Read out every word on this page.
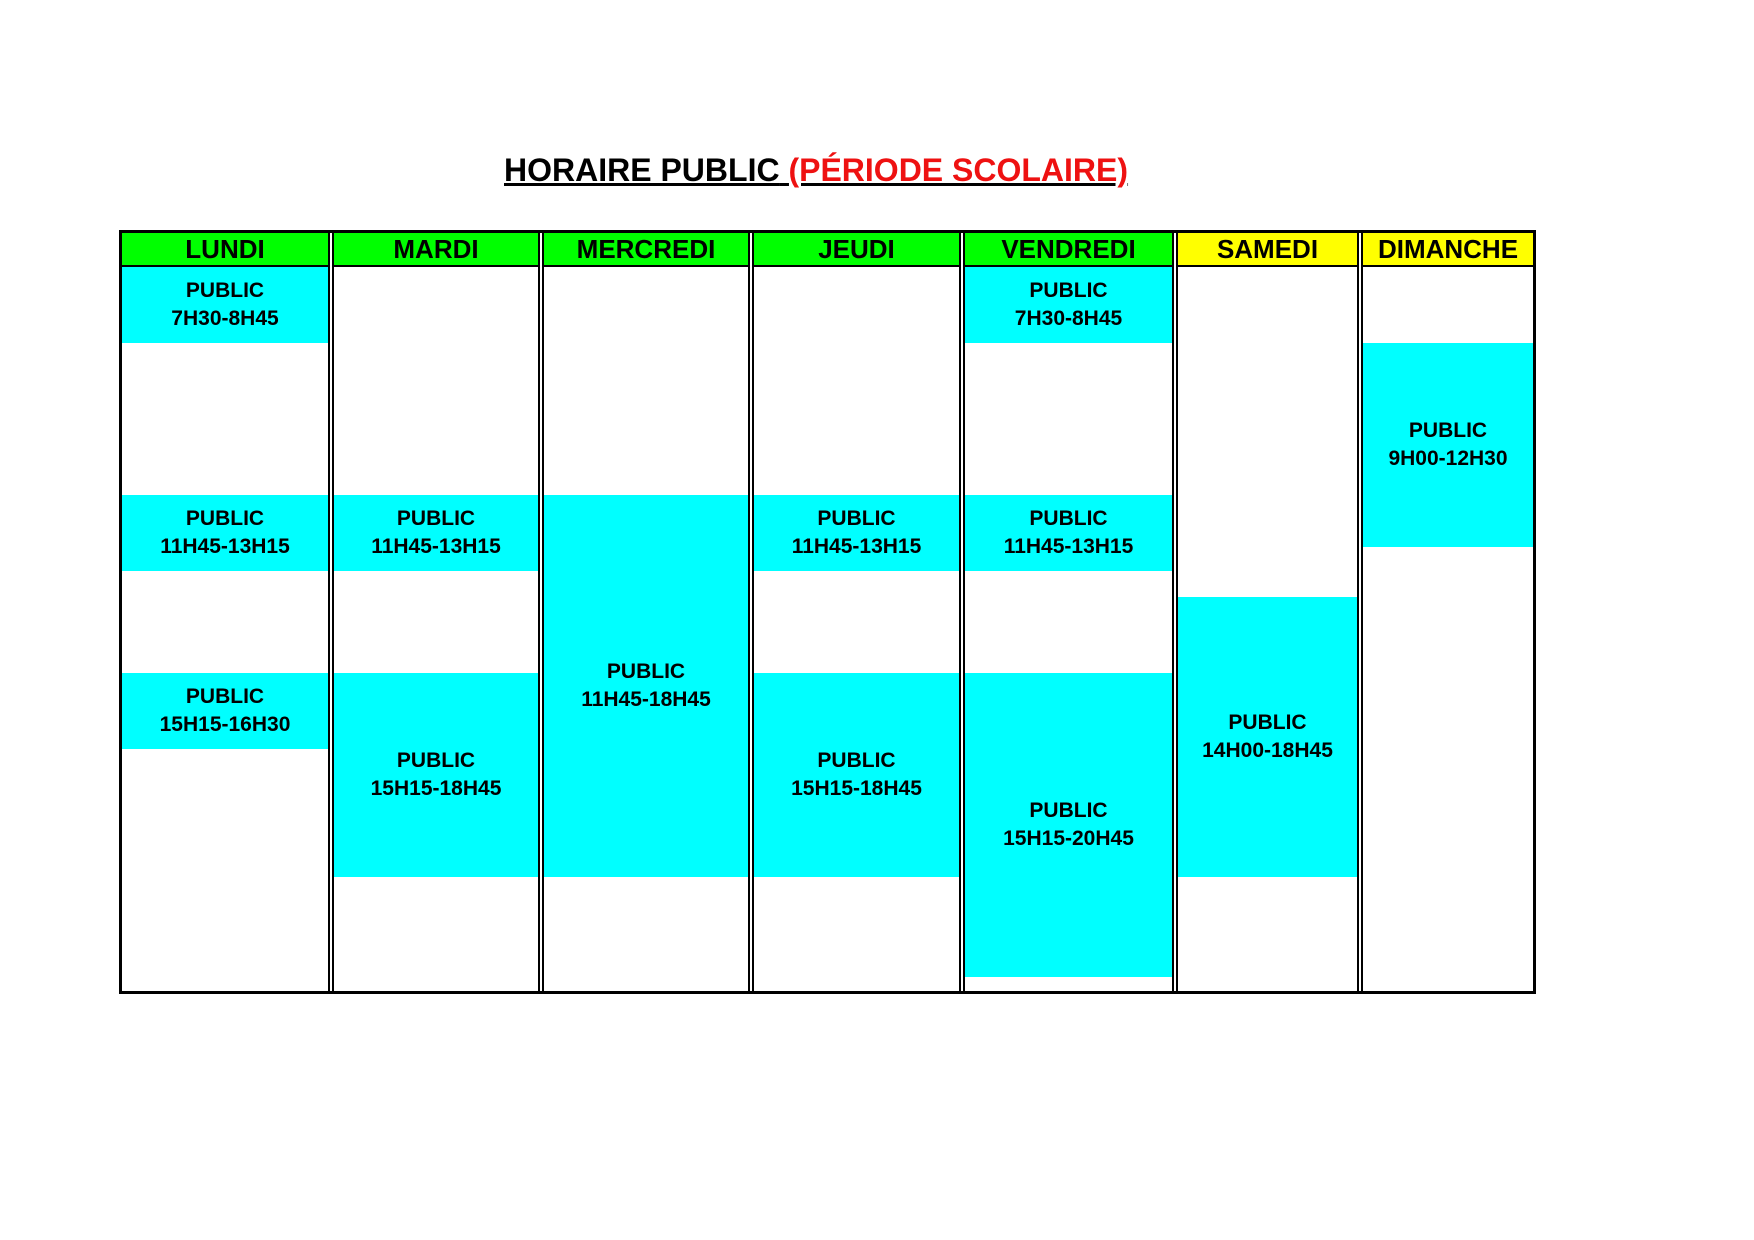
HORAIRE PUBLIC (PÉRIODE SCOLAIRE)
LUNDI
PUBLIC
7H30-8H45
PUBLIC
11H45-13H15
PUBLIC
15H15-16H30
MARDI
PUBLIC
11H45-13H15
PUBLIC
15H15-18H45
MERCREDI
PUBLIC
11H45-18H45
JEUDI
PUBLIC
11H45-13H15
PUBLIC
15H15-18H45
VENDREDI
PUBLIC
7H30-8H45
PUBLIC
11H45-13H15
PUBLIC
15H15-20H45
SAMEDI
PUBLIC
14H00-18H45
DIMANCHE
PUBLIC
9H00-12H30
